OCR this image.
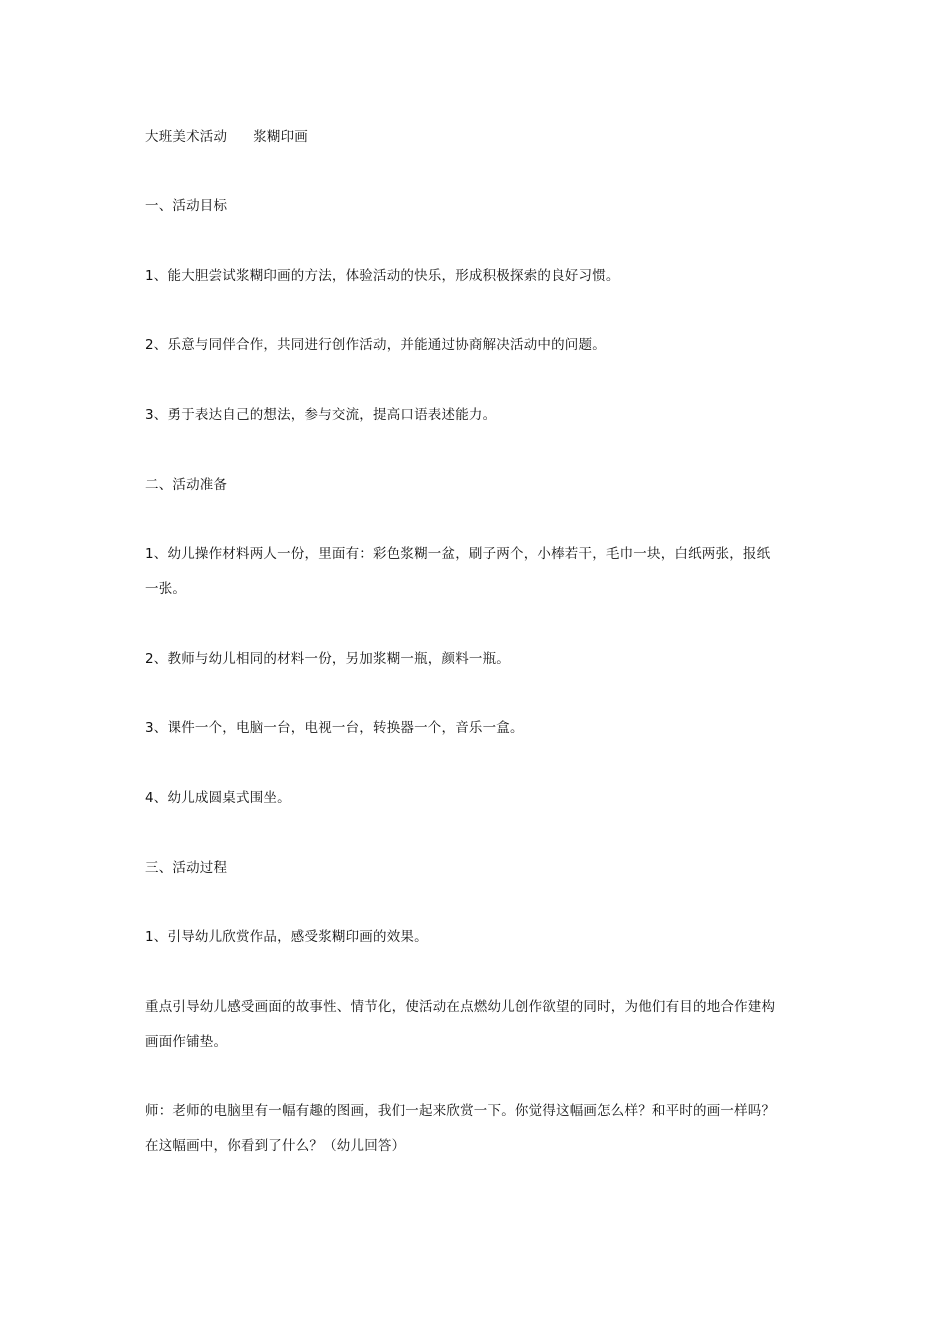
大班美术活动 浆糊印画
一、活动目标
1、能大胆尝试浆糊印画的方法，体验活动的快乐，形成积极探索的良好习惯。
2、乐意与同伴合作，共同进行创作活动，并能通过协商解决活动中的问题。
3、勇于表达自己的想法，参与交流，提高口语表述能力。
二、活动准备
1、幼儿操作材料两人一份，里面有：彩色浆糊一盆，刷子两个，小棒若干，毛巾一块，白纸两张，报纸
一张。
2、教师与幼儿相同的材料一份，另加浆糊一瓶，颜料一瓶。
3、课件一个，电脑一台，电视一台，转换器一个，音乐一盒。
4、幼儿成圆桌式围坐。
三、活动过程
1、引导幼儿欣赏作品，感受浆糊印画的效果。
重点引导幼儿感受画面的故事性、情节化，使活动在点燃幼儿创作欲望的同时，为他们有目的地合作建构
画面作铺垫。
师：老师的电脑里有一幅有趣的图画，我们一起来欣赏一下。你觉得这幅画怎么样？和平时的画一样吗？
在这幅画中，你看到了什么？（幼儿回答）
